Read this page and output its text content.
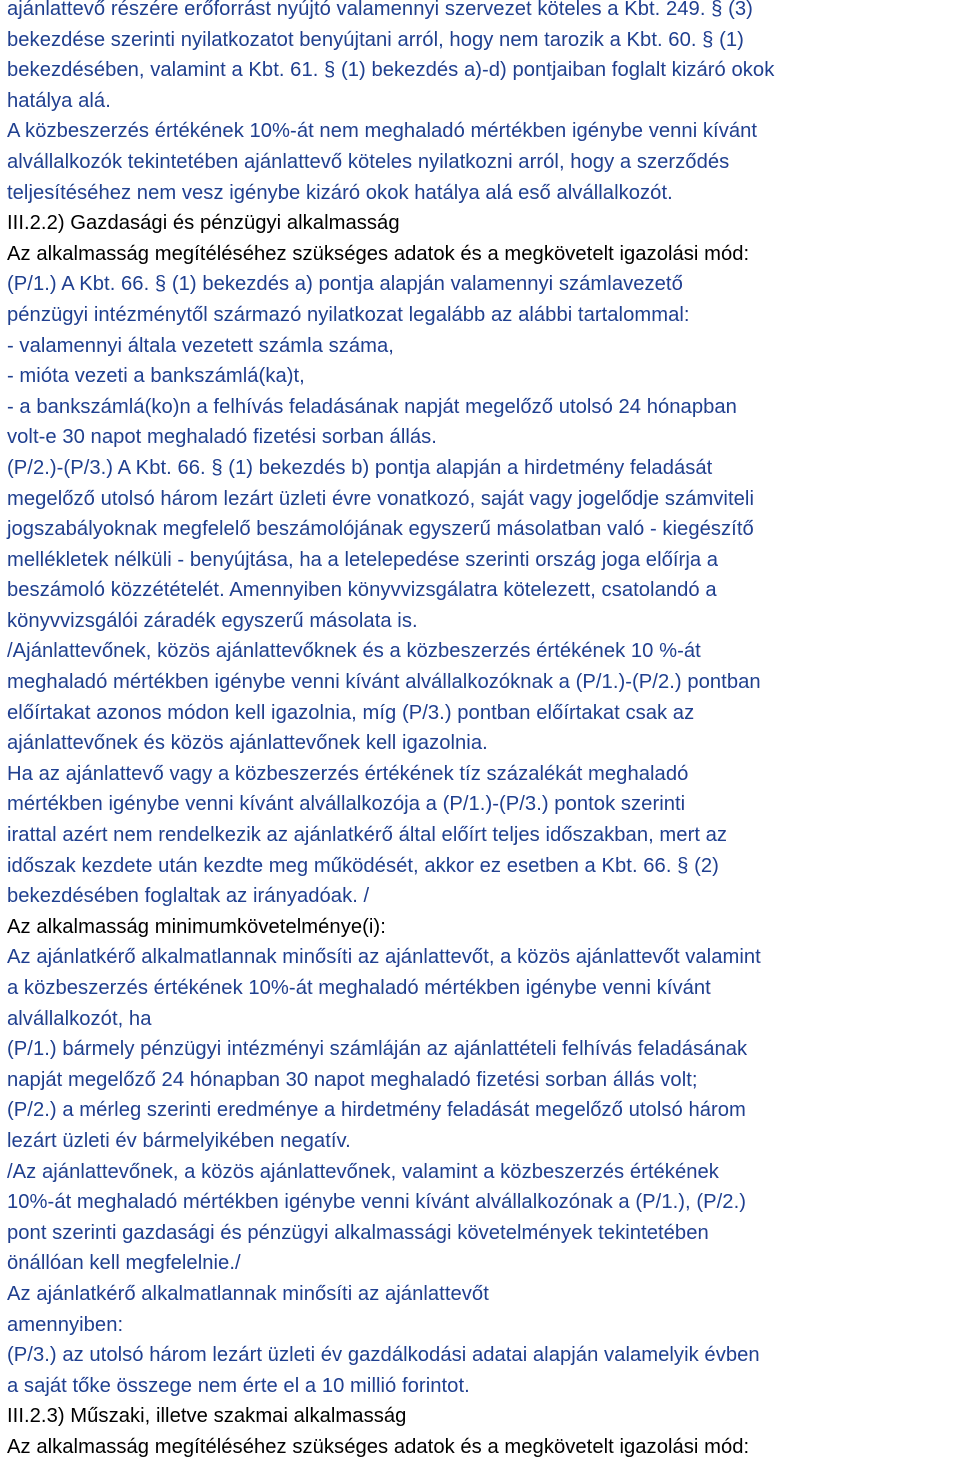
ajánlattevő részére erőforrást nyújtó valamennyi szervezet köteles a Kbt. 249. § (3)
bekezdése szerinti nyilatkozatot benyújtani arról, hogy nem tarozik a Kbt. 60. § (1)
bekezdésében, valamint a Kbt. 61. § (1) bekezdés a)-d) pontjaiban foglalt kizáró okok
hatálya alá.
A közbeszerzés értékének 10%-át nem meghaladó mértékben igénybe venni kívánt
alvállalkozók tekintetében ajánlattevő köteles nyilatkozni arról, hogy a szerződés
teljesítéséhez nem vesz igénybe kizáró okok hatálya alá eső alvállalkozót.
III.2.2) Gazdasági és pénzügyi alkalmasság
Az alkalmasság megítéléséhez szükséges adatok és a megkövetelt igazolási mód:
(P/1.) A Kbt. 66. § (1) bekezdés a) pontja alapján valamennyi számlavezető
pénzügyi intézménytől származó nyilatkozat legalább az alábbi tartalommal:
- valamennyi általa vezetett számla száma,
- mióta vezeti a bankszámlá(ka)t,
- a bankszámlá(ko)n a felhívás feladásának napját megelőző utolsó 24 hónapban
volt-e 30 napot meghaladó fizetési sorban állás.
(P/2.)-(P/3.) A Kbt. 66. § (1) bekezdés b) pontja alapján a hirdetmény feladását
megelőző utolsó három lezárt üzleti évre vonatkozó, saját vagy jogelődje számviteli
jogszabályoknak megfelelő beszámolójának egyszerű másolatban való - kiegészítő
mellékletek nélküli - benyújtása, ha a letelepedése szerinti ország joga előírja a
beszámoló közzétételét. Amennyiben könyvvizsgálatra kötelezett, csatolandó a
könyvvizsgálói záradék egyszerű másolata is.
/Ajánlattevőnek, közös ajánlattevőknek és a közbeszerzés értékének 10 %-át
meghaladó mértékben igénybe venni kívánt alvállalkozóknak a (P/1.)-(P/2.) pontban
előírtakat azonos módon kell igazolnia, míg (P/3.) pontban előírtakat csak az
ajánlattevőnek és közös ajánlattevőnek kell igazolnia.
Ha az ajánlattevő vagy a közbeszerzés értékének tíz százalékát meghaladó
mértékben igénybe venni kívánt alvállalkozója a (P/1.)-(P/3.) pontok szerinti
irattal azért nem rendelkezik az ajánlatkérő által előírt teljes időszakban, mert az
időszak kezdete után kezdte meg működését, akkor ez esetben a Kbt. 66. § (2)
bekezdésében foglaltak az irányadóak. /
Az alkalmasság minimumkövetelménye(i):
Az ajánlatkérő alkalmatlannak minősíti az ajánlattevőt, a közös ajánlattevőt valamint
a közbeszerzés értékének 10%-át meghaladó mértékben igénybe venni kívánt
alvállalkozót, ha
(P/1.) bármely pénzügyi intézményi számláján az ajánlattételi felhívás feladásának
napját megelőző 24 hónapban 30 napot meghaladó fizetési sorban állás volt;
(P/2.) a mérleg szerinti eredménye a hirdetmény feladását megelőző utolsó három
lezárt üzleti év bármelyikében negatív.
/Az ajánlattevőnek, a közös ajánlattevőnek, valamint a közbeszerzés értékének
10%-át meghaladó mértékben igénybe venni kívánt alvállalkozónak a (P/1.), (P/2.)
pont szerinti gazdasági és pénzügyi alkalmassági követelmények tekintetében
önállóan kell megfelelnie./
Az ajánlatkérő alkalmatlannak minősíti az ajánlattevőt
amennyiben:
(P/3.) az utolsó három lezárt üzleti év gazdálkodási adatai alapján valamelyik évben
a saját tőke összege nem érte el a 10 millió forintot.
III.2.3) Műszaki, illetve szakmai alkalmasság
Az alkalmasság megítéléséhez szükséges adatok és a megkövetelt igazolási mód:
